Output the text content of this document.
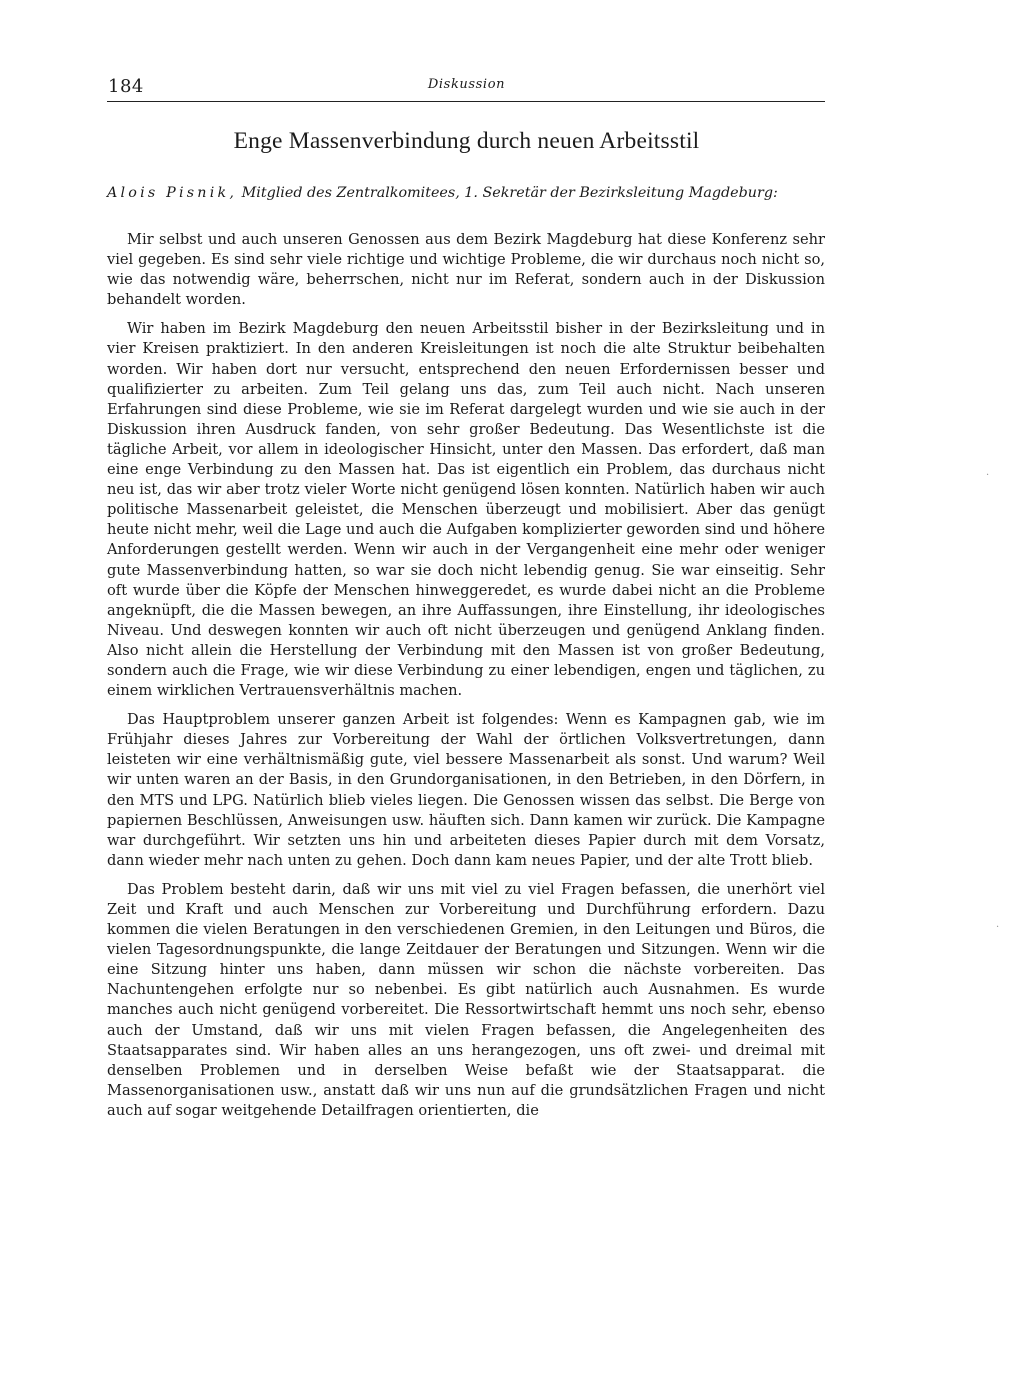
184	Diskussion
Enge Massenverbindung durch neuen Arbeitsstil
Alois Pisnik, Mitglied des Zentralkomitees, 1. Sekretär der Bezirksleitung Magdeburg:

Mir selbst und auch unseren Genossen aus dem Bezirk Magdeburg hat diese Konferenz sehr viel gegeben. Es sind sehr viele richtige und wichtige Probleme, die wir durchaus noch nicht so, wie das notwendig wäre, beherrschen, nicht nur im Referat, sondern auch in der Diskussion behandelt worden.

Wir haben im Bezirk Magdeburg den neuen Arbeitsstil bisher in der Bezirksleitung und in vier Kreisen praktiziert. In den anderen Kreisleitungen ist noch die alte Struktur beibehalten worden. Wir haben dort nur versucht, entsprechend den neuen Erfordernissen besser und qualifizierter zu arbeiten. Zum Teil gelang uns das, zum Teil auch nicht. Nach unseren Erfahrungen sind diese Probleme, wie sie im Referat dargelegt wurden und wie sie auch in der Diskussion ihren Ausdruck fanden, von sehr großer Bedeutung. Das Wesentlichste ist die tägliche Arbeit, vor allem in ideologischer Hinsicht, unter den Massen. Das erfordert, daß man eine enge Verbindung zu den Massen hat. Das ist eigentlich ein Problem, das durchaus nicht neu ist, das wir aber trotz vieler Worte nicht genügend lösen konnten. Natürlich haben wir auch politische Massenarbeit geleistet, die Menschen überzeugt und mobilisiert. Aber das genügt heute nicht mehr, weil die Lage und auch die Aufgaben komplizierter geworden sind und höhere Anforderungen gestellt werden. Wenn wir auch in der Vergangenheit eine mehr oder weniger gute Massenverbindung hatten, so war sie doch nicht lebendig genug. Sie war einseitig. Sehr oft wurde über die Köpfe der Menschen hinweggeredet, es wurde dabei nicht an die Probleme angeknüpft, die die Massen bewegen, an ihre Auffassungen, ihre Einstellung, ihr ideologisches Niveau. Und deswegen konnten wir auch oft nicht überzeugen und genügend Anklang finden. Also nicht allein die Herstellung der Verbindung mit den Massen ist von großer Bedeutung, sondern auch die Frage, wie wir diese Verbindung zu einer lebendigen, engen und täglichen, zu einem wirklichen Vertrauensverhältnis machen.

Das Hauptproblem unserer ganzen Arbeit ist folgendes: Wenn es Kampagnen gab, wie im Frühjahr dieses Jahres zur Vorbereitung der Wahl der örtlichen Volksvertretungen, dann leisteten wir eine verhältnismäßig gute, viel bessere Massenarbeit als sonst. Und warum? Weil wir unten waren an der Basis, in den Grundorganisationen, in den Betrieben, in den Dörfern, in den MTS und LPG. Natürlich blieb vieles liegen. Die Genossen wissen das selbst. Die Berge von papiernen Beschlüssen, Anweisungen usw. häuften sich. Dann kamen wir zurück. Die Kampagne war durchgeführt. Wir setzten uns hin und arbeiteten dieses Papier durch mit dem Vorsatz, dann wieder mehr nach unten zu gehen. Doch dann kam neues Papier, und der alte Trott blieb.

Das Problem besteht darin, daß wir uns mit viel zu viel Fragen befassen, die unerhört viel Zeit und Kraft und auch Menschen zur Vorbereitung und Durchführung erfordern. Dazu kommen die vielen Beratungen in den verschiedenen Gremien, in den Leitungen und Büros, die vielen Tagesordnungspunkte, die lange Zeitdauer der Beratungen und Sitzungen. Wenn wir die eine Sitzung hinter uns haben, dann müssen wir schon die nächste vorbereiten. Das Nachuntengehen erfolgte nur so nebenbei. Es gibt natürlich auch Ausnahmen. Es wurde manches auch nicht genügend vorbereitet. Die Ressortwirtschaft hemmt uns noch sehr, ebenso auch der Umstand, daß wir uns mit vielen Fragen befassen, die Angelegenheiten des Staatsapparates sind. Wir haben alles an uns herangezogen, uns oft zwei- und dreimal mit denselben Problemen und in derselben Weise befaßt wie der Staatsapparat. die Massenorganisationen usw., anstatt daß wir uns nun auf die grundsätzlichen Fragen und nicht auch auf sogar weitgehende Detailfragen orientierten, die

·
·
